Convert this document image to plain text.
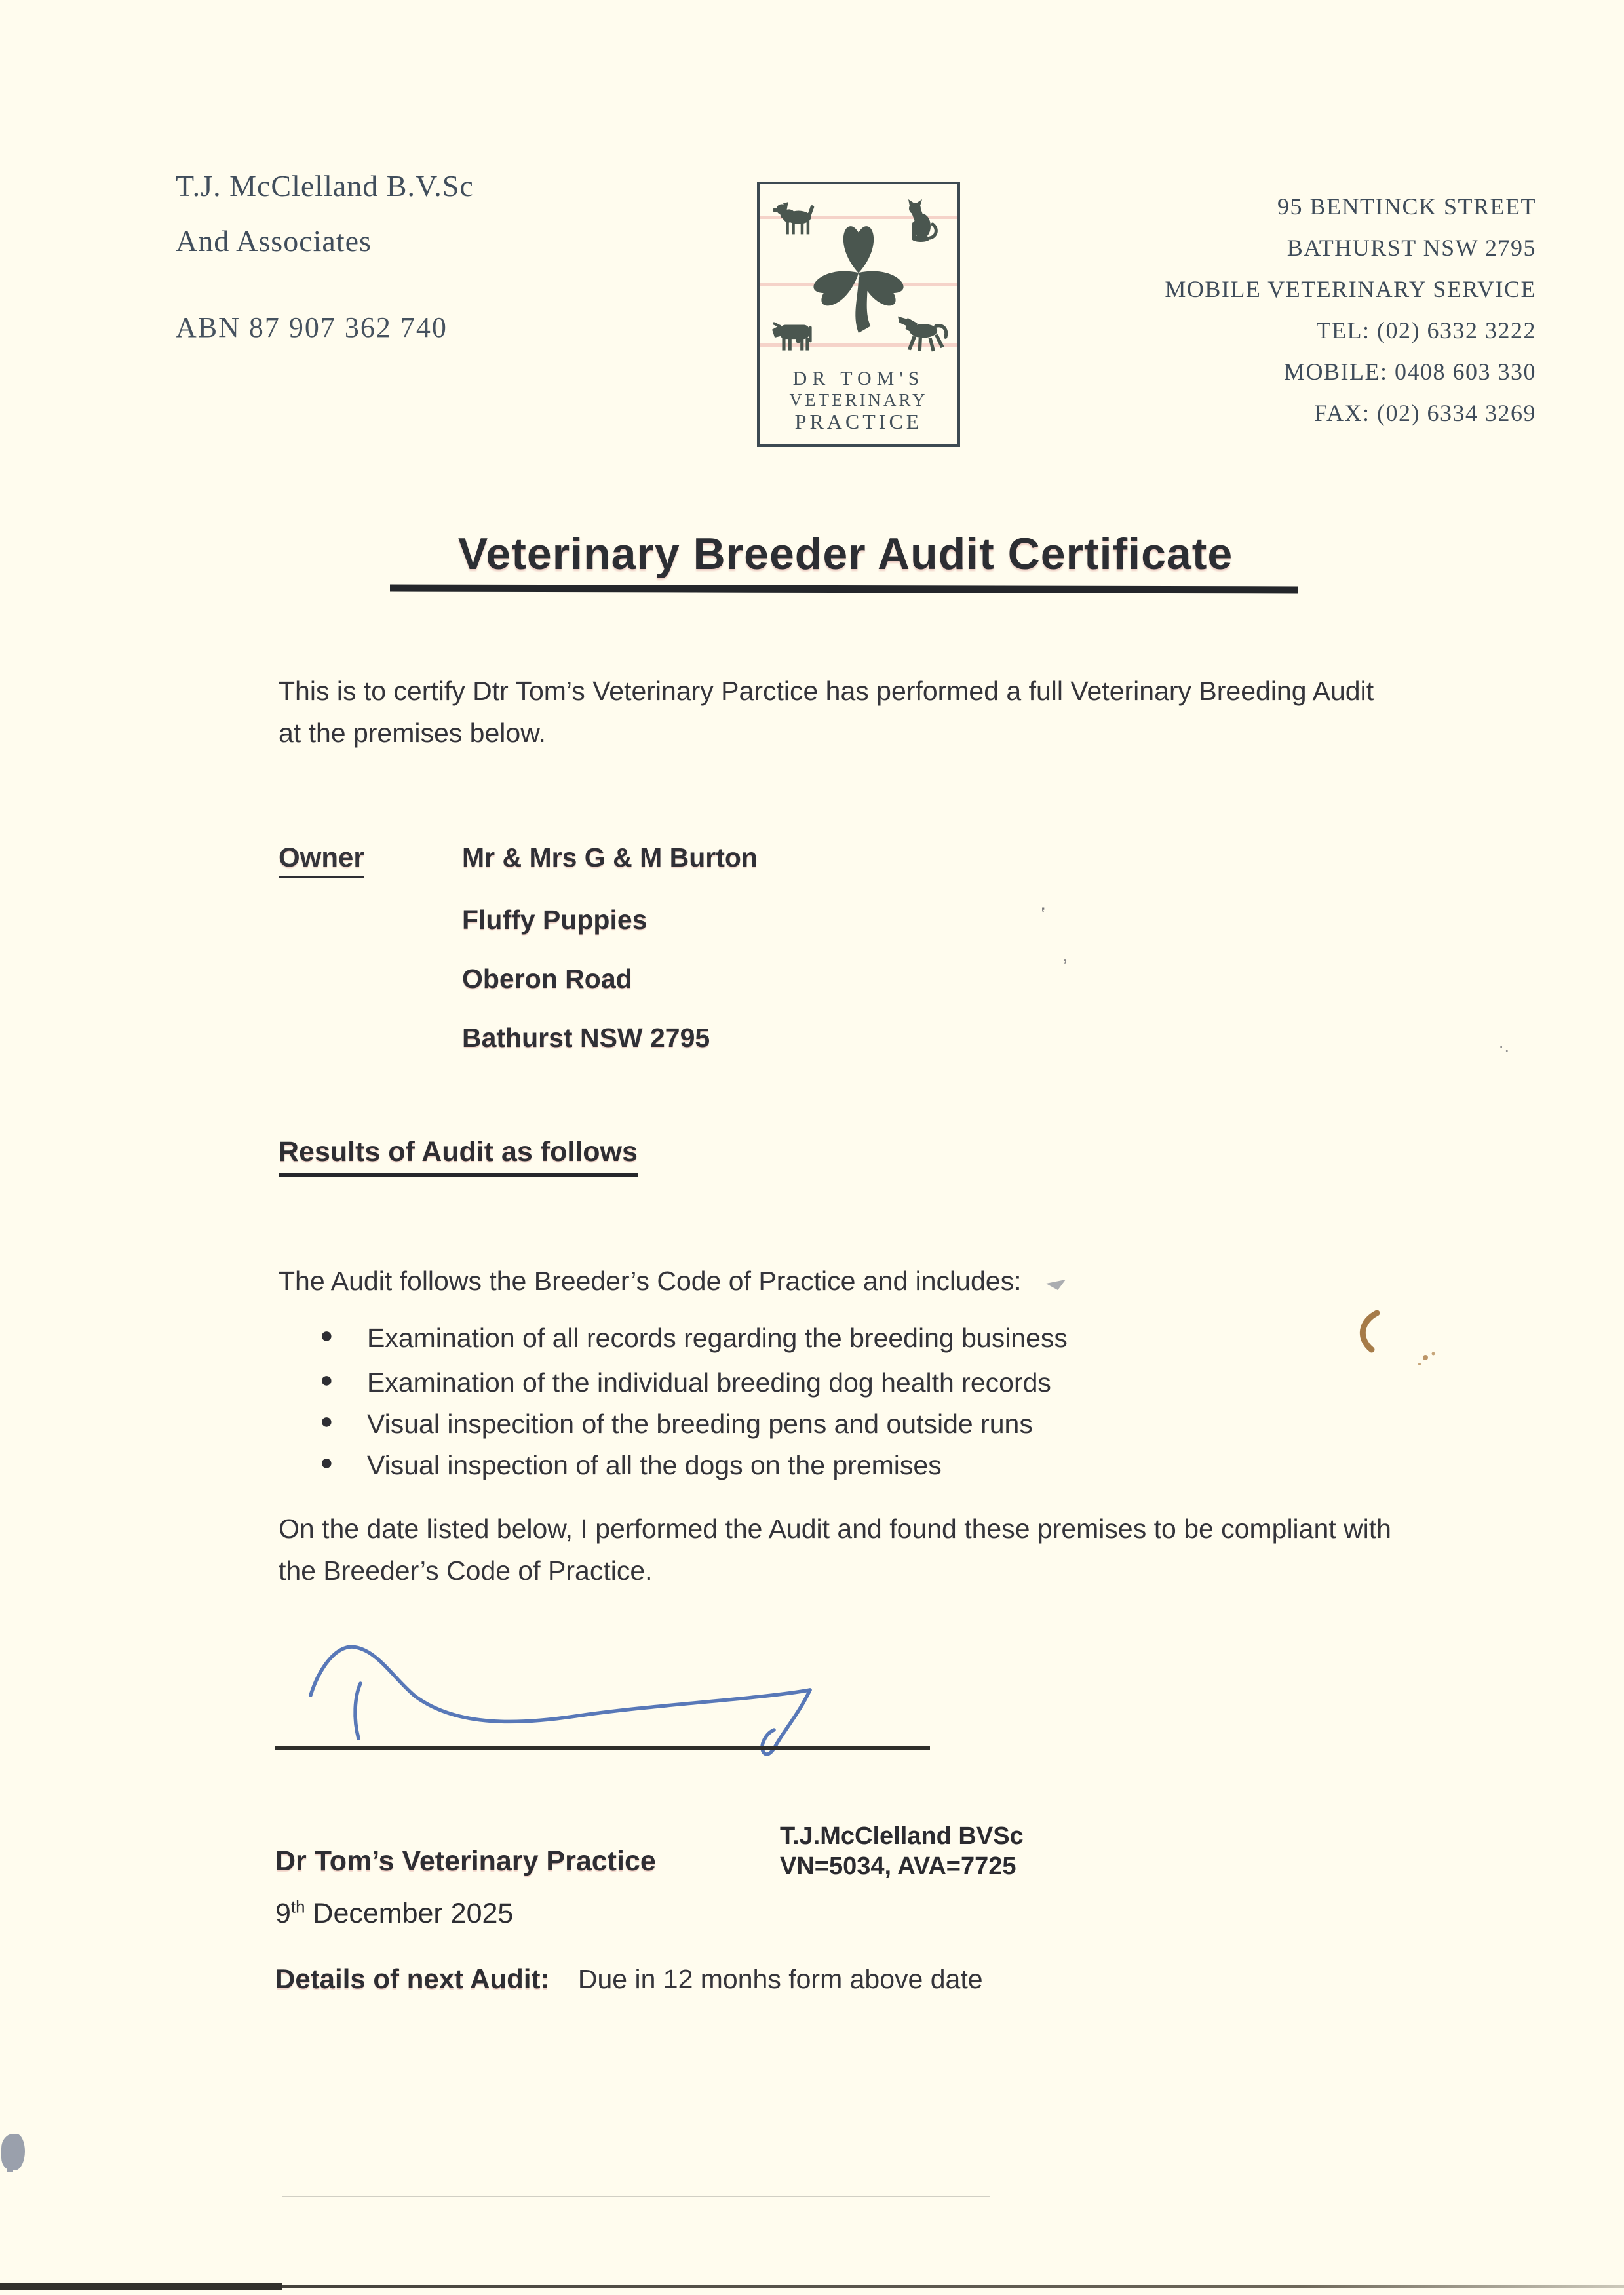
T.J. McClelland B.V.Sc
And Associates
ABN 87 907 362 740
95 BENTINCK STREET
BATHURST NSW 2795
MOBILE VETERINARY SERVICE
TEL: (02) 6332 3222
MOBILE: 0408 603 330
FAX: (02) 6334 3269
DR TOM'S
VETERINARY
PRACTICE
Veterinary Breeder Audit Certificate
This is to certify Dtr Tom’s Veterinary Parctice has performed a full Veterinary Breeding Audit at the premises below.
Owner	Mr & Mrs G & M Burton
Fluffy Puppies
Oberon Road
Bathurst NSW 2795
Results of Audit as follows
The Audit follows the Breeder’s Code of Practice and includes:
●	Examination of all records regarding the breeding business
●	Examination of the individual breeding dog health records
●	Visual inspecition of the breeding pens and outside runs
●	Visual inspection of all the dogs on the premises
On the date listed below, I performed the Audit and found these premises to be compliant with the Breeder’s Code of Practice.
Dr Tom’s Veterinary Practice
T.J.McClelland BVSc
VN=5034, AVA=7725
9th December 2025
Details of next Audit: Due in 12 monhs form above date
‛
‚
·.
